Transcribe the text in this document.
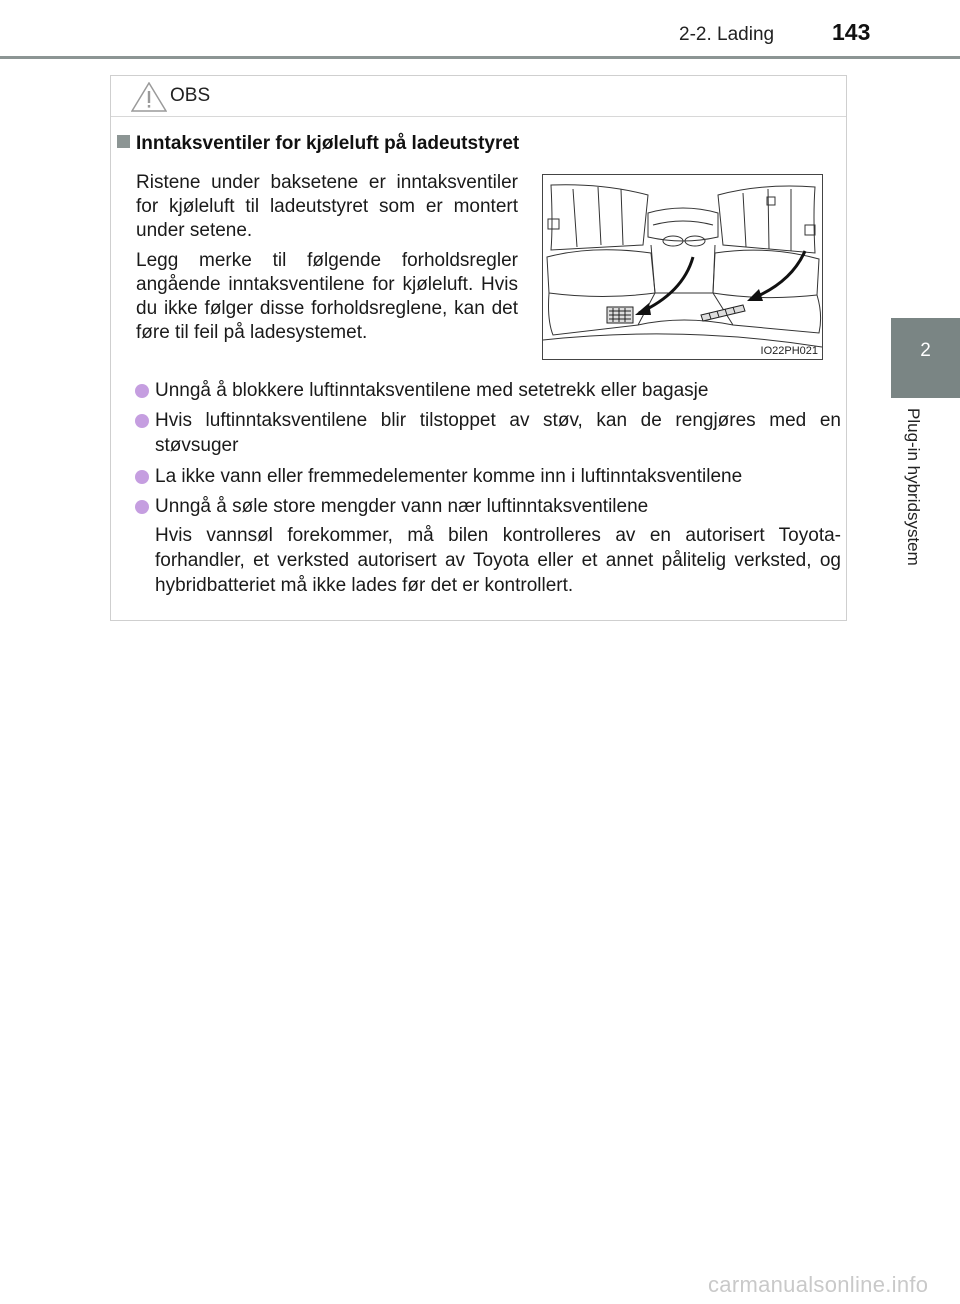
2-2. Lading	143
2
Plug-in hybridsystem
OBS
Inntaksventiler for kjøleluft på ladeutstyret
Ristene under baksetene er inntaksventiler for kjøleluft til ladeutstyret som er montert under setene.
Legg merke til følgende forholdsregler angående inntaksventilene for kjøleluft. Hvis du ikke følger disse forholdsreglene, kan det føre til feil på ladesystemet.
IO22PH021
Unngå å blokkere luftinntaksventilene med setetrekk eller bagasje
Hvis luftinntaksventilene blir tilstoppet av støv, kan de rengjøres med en støvsuger
La ikke vann eller fremmedelementer komme inn i luftinntaksventilene
Unngå å søle store mengder vann nær luftinntaksventilene
Hvis vannsøl forekommer, må bilen kontrolleres av en autorisert Toyotaforhandler, et verksted autorisert av Toyota eller et annet pålitelig verksted, og hybridbatteriet må ikke lades før det er kontrollert.
carmanualsonline.info
